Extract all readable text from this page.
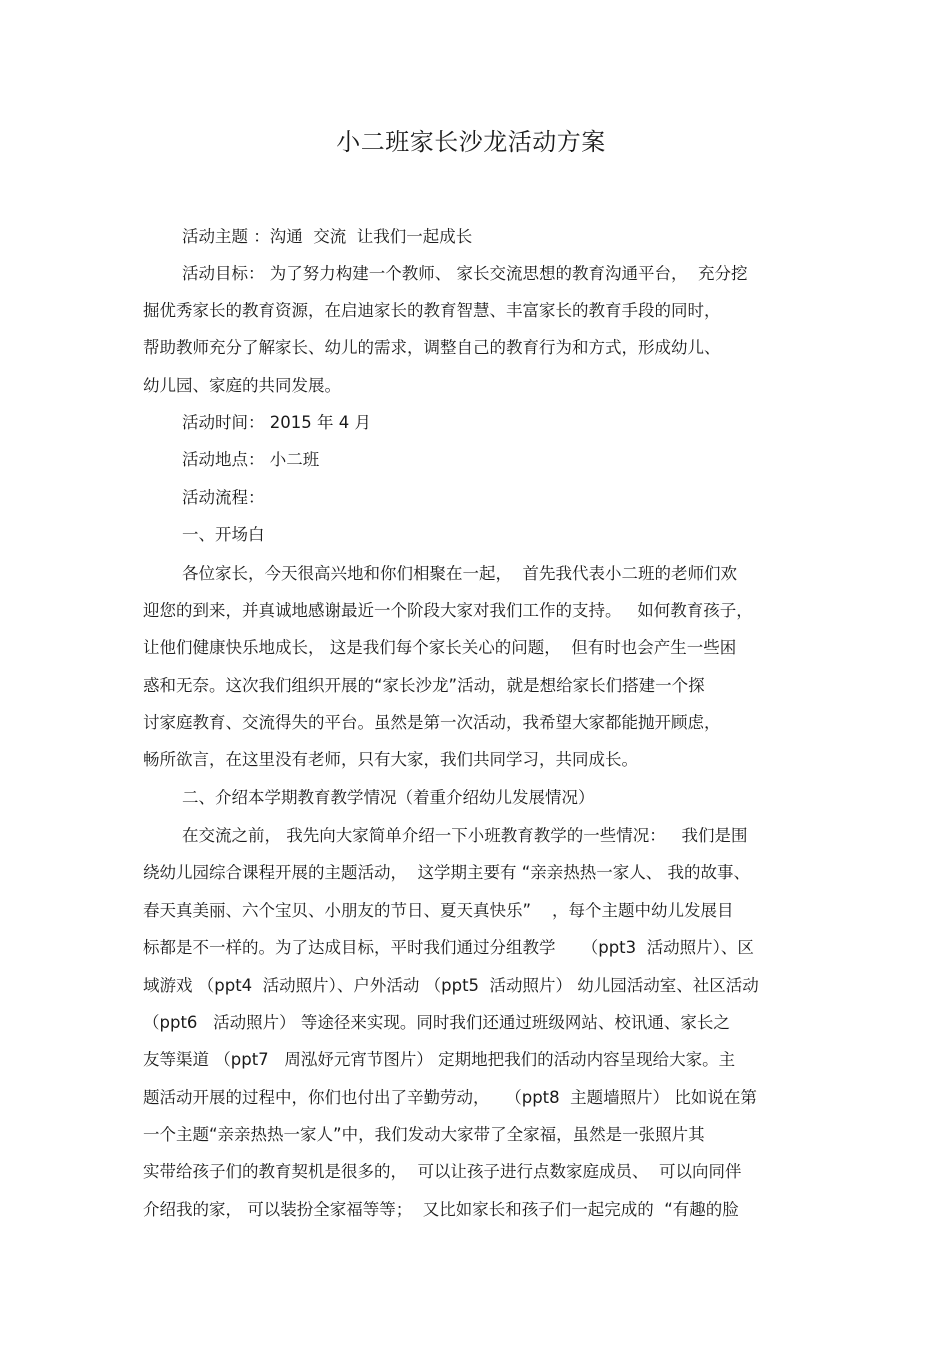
小二班家长沙龙活动方案

活动主题 ：沟通  交流  让我们一起成长

活动目标： 为了努力构建一个教师、 家长交流思想的教育沟通平台，  充分挖

掘优秀家长的教育资源，在启迪家长的教育智慧、丰富家长的教育手段的同时，

帮助教师充分了解家长、幼儿的需求，调整自己的教育行为和方式，形成幼儿、

幼儿园、家庭的共同发展。

活动时间： 2015 年 4 月

活动地点： 小二班

活动流程：

一、开场白

各位家长，今天很高兴地和你们相聚在一起，  首先我代表小二班的老师们欢

迎您的到来，并真诚地感谢最近一个阶段大家对我们工作的支持。   如何教育孩子，

让他们健康快乐地成长， 这是我们每个家长关心的问题，  但有时也会产生一些困

惑和无奈。这次我们组织开展的“家长沙龙”活动，就是想给家长们搭建一个探

讨家庭教育、交流得失的平台。虽然是第一次活动，我希望大家都能抛开顾虑，

畅所欲言，在这里没有老师，只有大家，我们共同学习，共同成长。

二、介绍本学期教育教学情况（着重介绍幼儿发展情况）

在交流之前， 我先向大家简单介绍一下小班教育教学的一些情况：   我们是围

绕幼儿园综合课程开展的主题活动，  这学期主要有 “亲亲热热一家人、 我的故事、

春天真美丽、六个宝贝、小朋友的节日、夏天真快乐”    ，每个主题中幼儿发展目

标都是不一样的。为了达成目标，平时我们通过分组教学     （ppt3  活动照片）、区

域游戏 （ppt4  活动照片）、户外活动 （ppt5  活动照片） 幼儿园活动室、社区活动

（ppt6   活动照片） 等途径来实现。同时我们还通过班级网站、校讯通、家长之

友等渠道 （ppt7   周泓妤元宵节图片） 定期地把我们的活动内容呈现给大家。主

题活动开展的过程中，你们也付出了辛勤劳动，   （ppt8  主题墙照片） 比如说在第

一个主题“亲亲热热一家人”中，我们发动大家带了全家福，虽然是一张照片其

实带给孩子们的教育契机是很多的，  可以让孩子进行点数家庭成员、  可以向同伴

介绍我的家， 可以装扮全家福等等；  又比如家长和孩子们一起完成的  “有趣的脸
